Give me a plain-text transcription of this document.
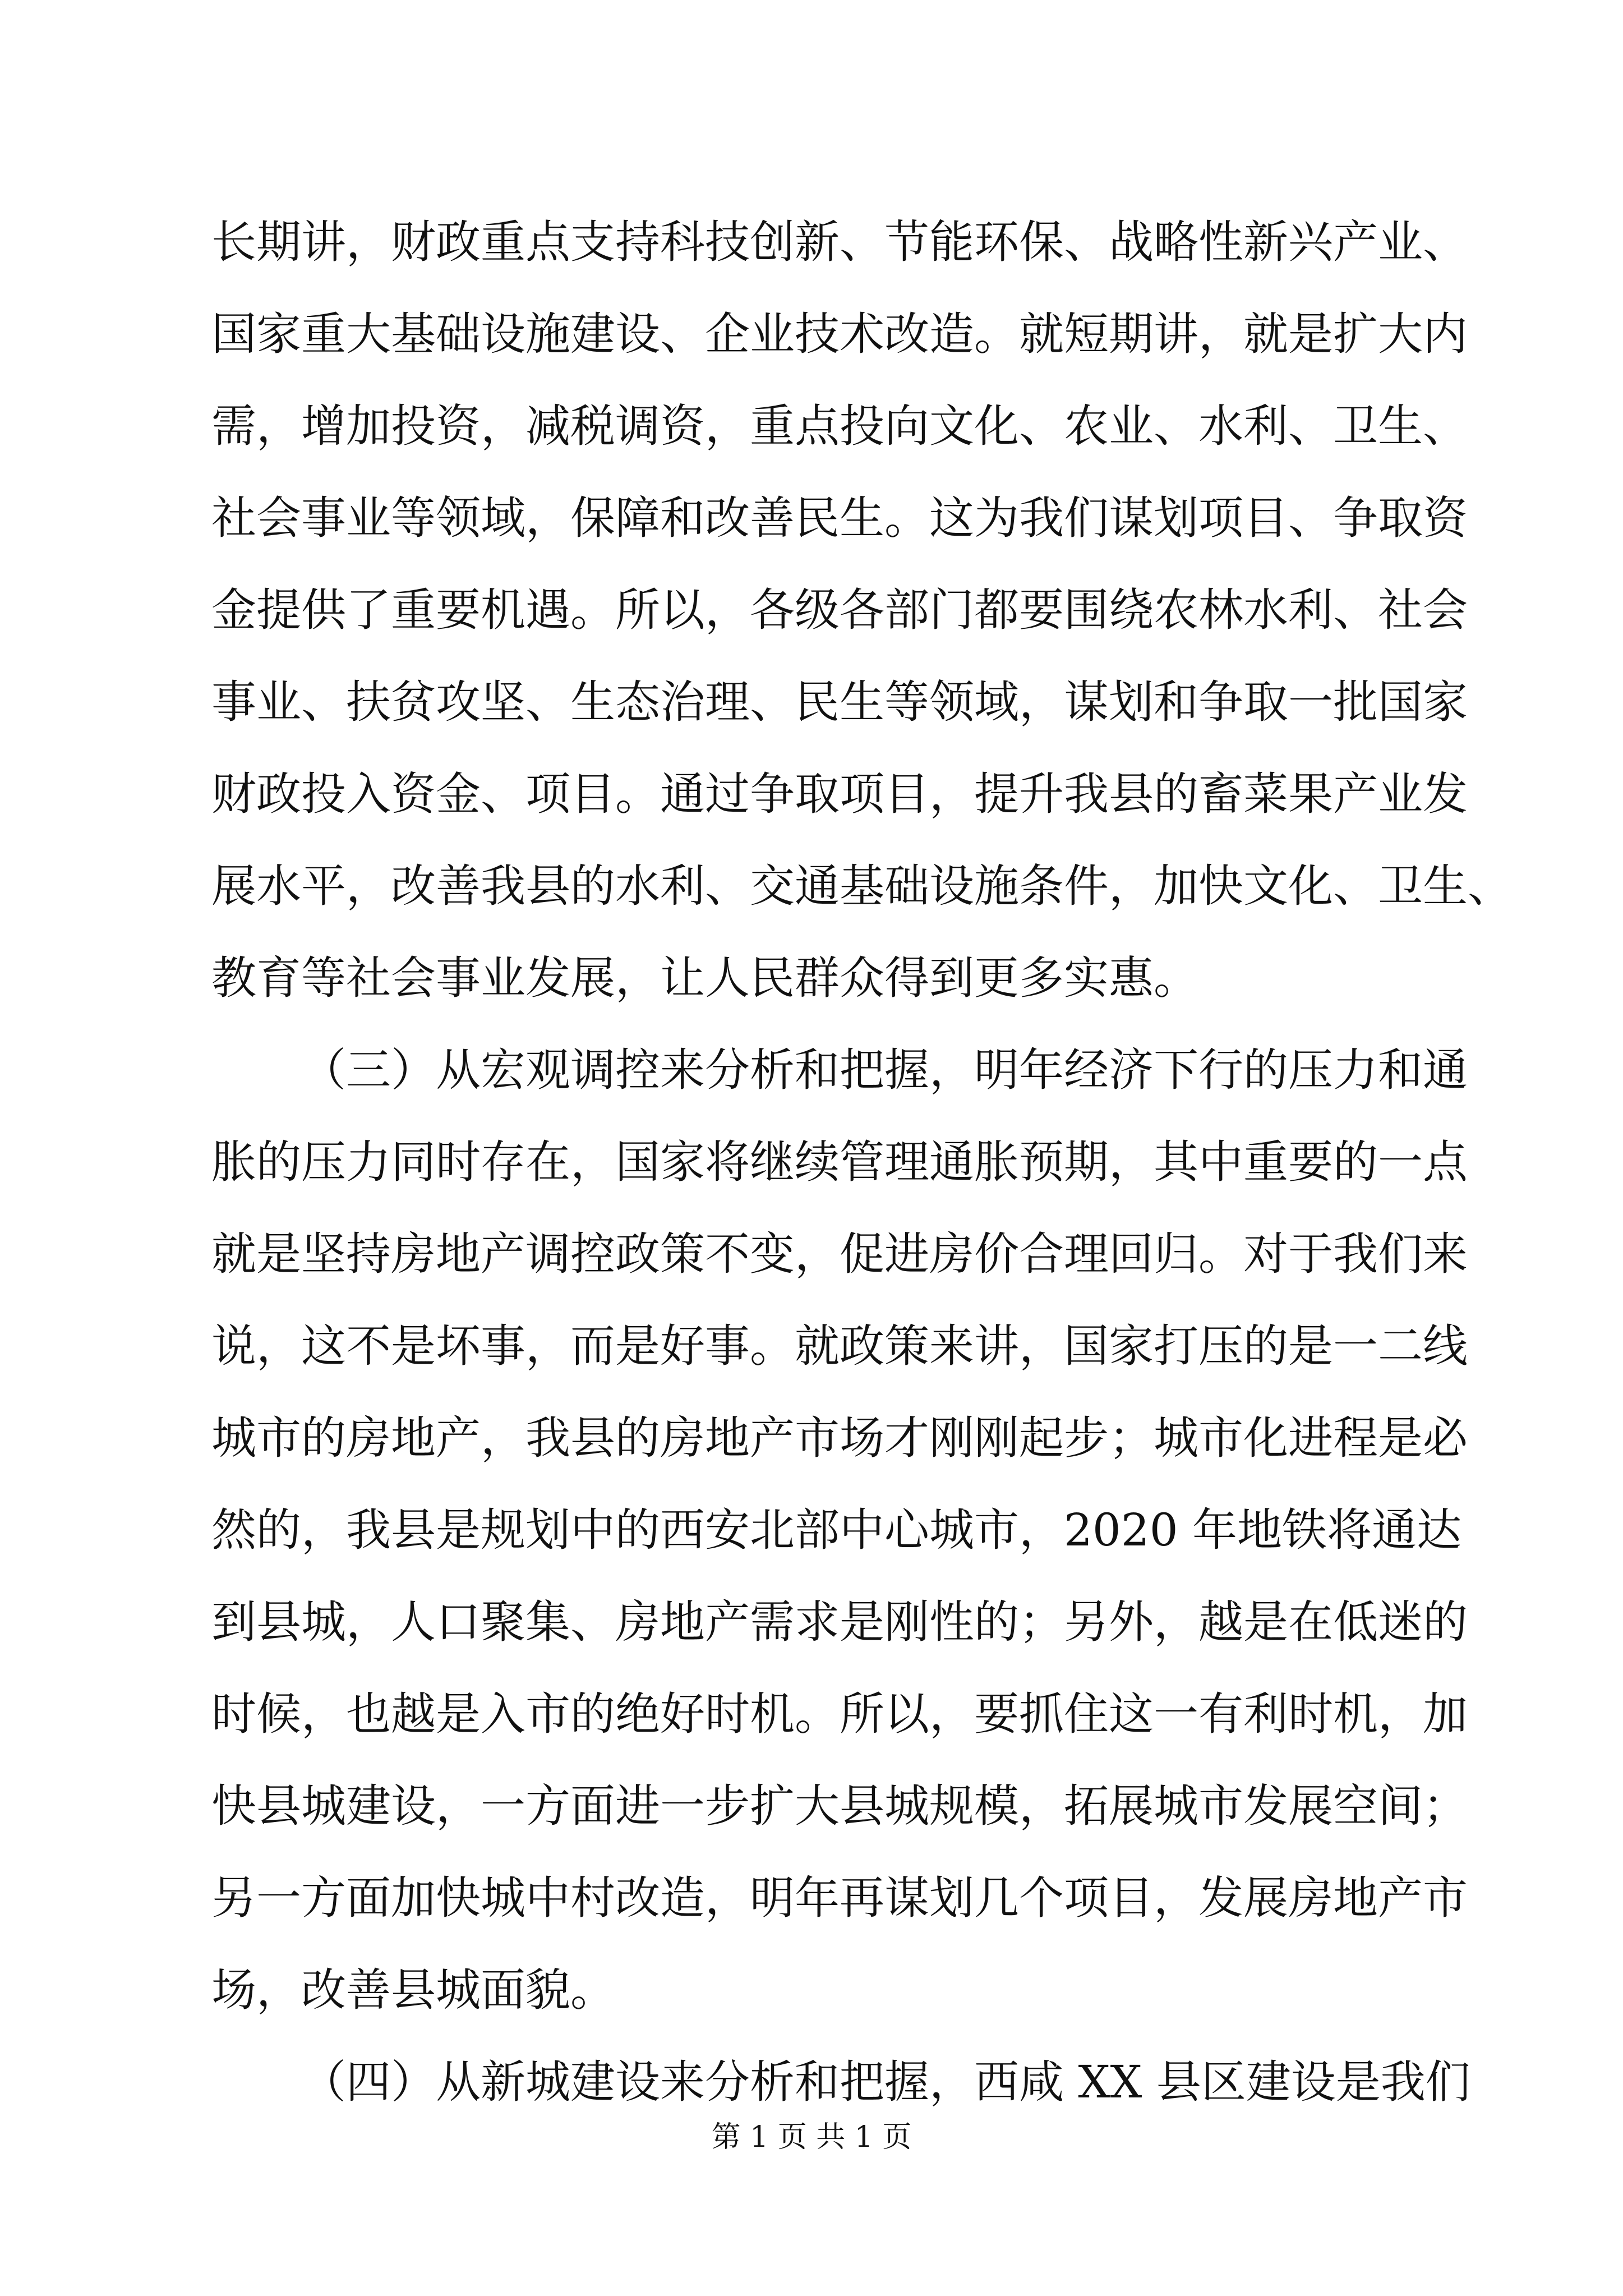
长期讲，财政重点支持科技创新、节能环保、战略性新兴产业、

国家重大基础设施建设、企业技术改造。就短期讲，就是扩大内

需，增加投资，减税调资，重点投向文化、农业、水利、卫生、

社会事业等领域，保障和改善民生。这为我们谋划项目、争取资

金提供了重要机遇。所以，各级各部门都要围绕农林水利、社会

事业、扶贫攻坚、生态治理、民生等领域，谋划和争取一批国家

财政投入资金、项目。通过争取项目，提升我县的畜菜果产业发

展水平，改善我县的水利、交通基础设施条件，加快文化、卫生、

教育等社会事业发展，让人民群众得到更多实惠。

（三）从宏观调控来分析和把握，明年经济下行的压力和通

胀的压力同时存在，国家将继续管理通胀预期，其中重要的一点

就是坚持房地产调控政策不变，促进房价合理回归。对于我们来

说，这不是坏事，而是好事。就政策来讲，国家打压的是一二线

城市的房地产，我县的房地产市场才刚刚起步；城市化进程是必

然的，我县是规划中的西安北部中心城市，2020 年地铁将通达

到县城，人口聚集、房地产需求是刚性的；另外，越是在低迷的

时候，也越是入市的绝好时机。所以，要抓住这一有利时机，加

快县城建设，一方面进一步扩大县城规模，拓展城市发展空间；

另一方面加快城中村改造，明年再谋划几个项目，发展房地产市

场，改善县城面貌。

（四）从新城建设来分析和把握，西咸 XX 县区建设是我们

第 1 页 共 1 页
